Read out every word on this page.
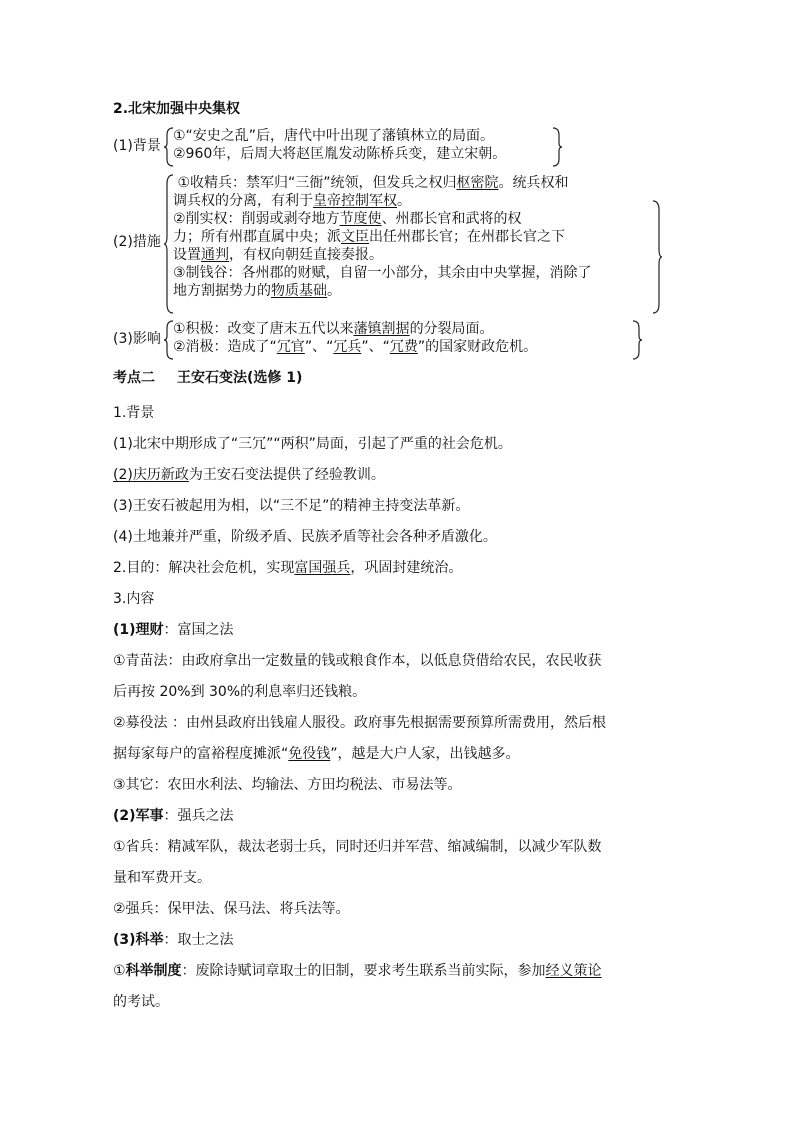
2.北宋加强中央集权
(1)背景
①“安史之乱”后，唐代中叶出现了藩镇林立的局面。
②960年，后周大将赵匡胤发动陈桥兵变，建立宋朝。
(2)措施
①收精兵：禁军归“三衙”统领，但发兵之权归枢密院。统兵权和
调兵权的分离，有利于皇帝控制军权。
②削实权：削弱或剥夺地方节度使、州郡长官和武将的权
力；所有州郡直属中央；派文臣出任州郡长官；在州郡长官之下
设置通判，有权向朝廷直接奏报。
③制钱谷：各州郡的财赋，自留一小部分，其余由中央掌握，消除了
地方割据势力的物质基础。
(3)影响
①积极：改变了唐末五代以来藩镇割据的分裂局面。
②消极：造成了“冗官”、“冗兵”、“冗费”的国家财政危机。
考点二 王安石变法(选修 1)
1.背景
(1)北宋中期形成了“三冗”“两积”局面，引起了严重的社会危机。
(2)庆历新政为王安石变法提供了经验教训。
(3)王安石被起用为相，以“三不足”的精神主持变法革新。
(4)土地兼并严重，阶级矛盾、民族矛盾等社会各种矛盾激化。
2.目的：解决社会危机，实现富国强兵，巩固封建统治。
3.内容
(1)理财：富国之法
①青苗法：由政府拿出一定数量的钱或粮食作本，以低息贷借给农民，农民收获
后再按 20%到 30%的利息率归还钱粮。
②募役法 ：由州县政府出钱雇人服役。政府事先根据需要预算所需费用，然后根
据每家每户的富裕程度摊派“免役钱”，越是大户人家，出钱越多。
③其它：农田水利法、均输法、方田均税法、市易法等。
(2)军事：强兵之法
①省兵：精减军队，裁汰老弱士兵，同时还归并军营、缩减编制，以减少军队数
量和军费开支。
②强兵：保甲法、保马法、将兵法等。
(3)科举：取士之法
①科举制度：废除诗赋词章取士的旧制，要求考生联系当前实际，参加经义策论
的考试。
